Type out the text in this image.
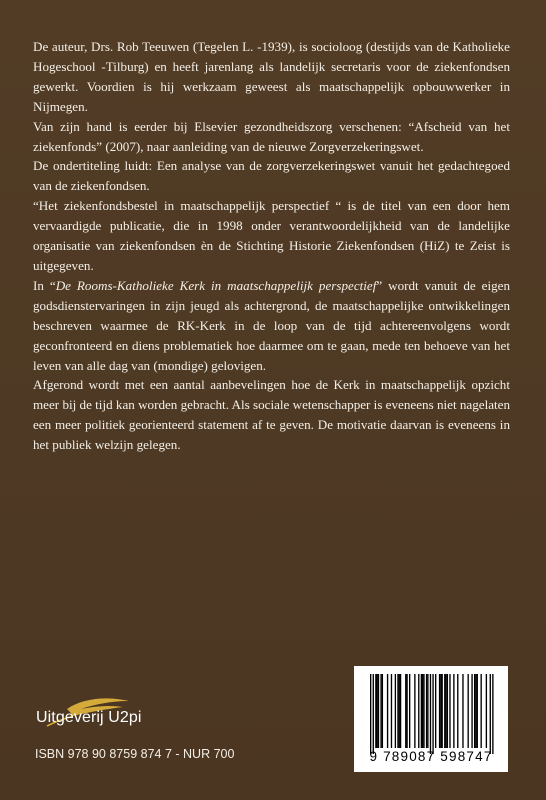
De auteur, Drs. Rob Teeuwen (Tegelen L. -1939), is socioloog (destijds van de Katholieke Hogeschool -Tilburg) en heeft jarenlang als landelijk secretaris voor de ziekenfondsen gewerkt. Voordien is hij werkzaam geweest als maatschappelijk opbouwwerker in Nijmegen.

Van zijn hand is eerder bij Elsevier gezondheidszorg verschenen: “Afscheid van het ziekenfonds” (2007), naar aanleiding van de nieuwe Zorgverzekeringswet.

De ondertiteling luidt: Een analyse van de zorgverzekeringswet vanuit het gedachtegoed van de ziekenfondsen.

“Het ziekenfondsbestel in maatschappelijk perspectief “ is de titel van een door hem vervaardigde publicatie, die in 1998 onder verantwoordelijkheid van de landelijke organisatie van ziekenfondsen èn de Stichting Historie Ziekenfondsen (HiZ) te Zeist is uitgegeven.

In “De Rooms-Katholieke Kerk in maatschappelijk perspectief” wordt vanuit de eigen godsdienstervaringen in zijn jeugd als achtergrond, de maatschappelijke ontwikkelingen beschreven waarmee de RK-Kerk in de loop van de tijd achtereenvolgens wordt geconfronteerd en diens problematiek hoe daarmee om te gaan, mede ten behoeve van het leven van alle dag van (mondige) gelovigen.

Afgerond wordt met een aantal aanbevelingen hoe de Kerk in maatschappelijk opzicht meer bij de tijd kan worden gebracht. Als sociale wetenschapper is eveneens niet nagelaten een meer politiek georienteerd statement af te geven. De motivatie daarvan is eveneens in het publiek welzijn gelegen.

Uitgeverij U2pi
ISBN 978 90 8759 874 7 - NUR 700	9 789087 598747
